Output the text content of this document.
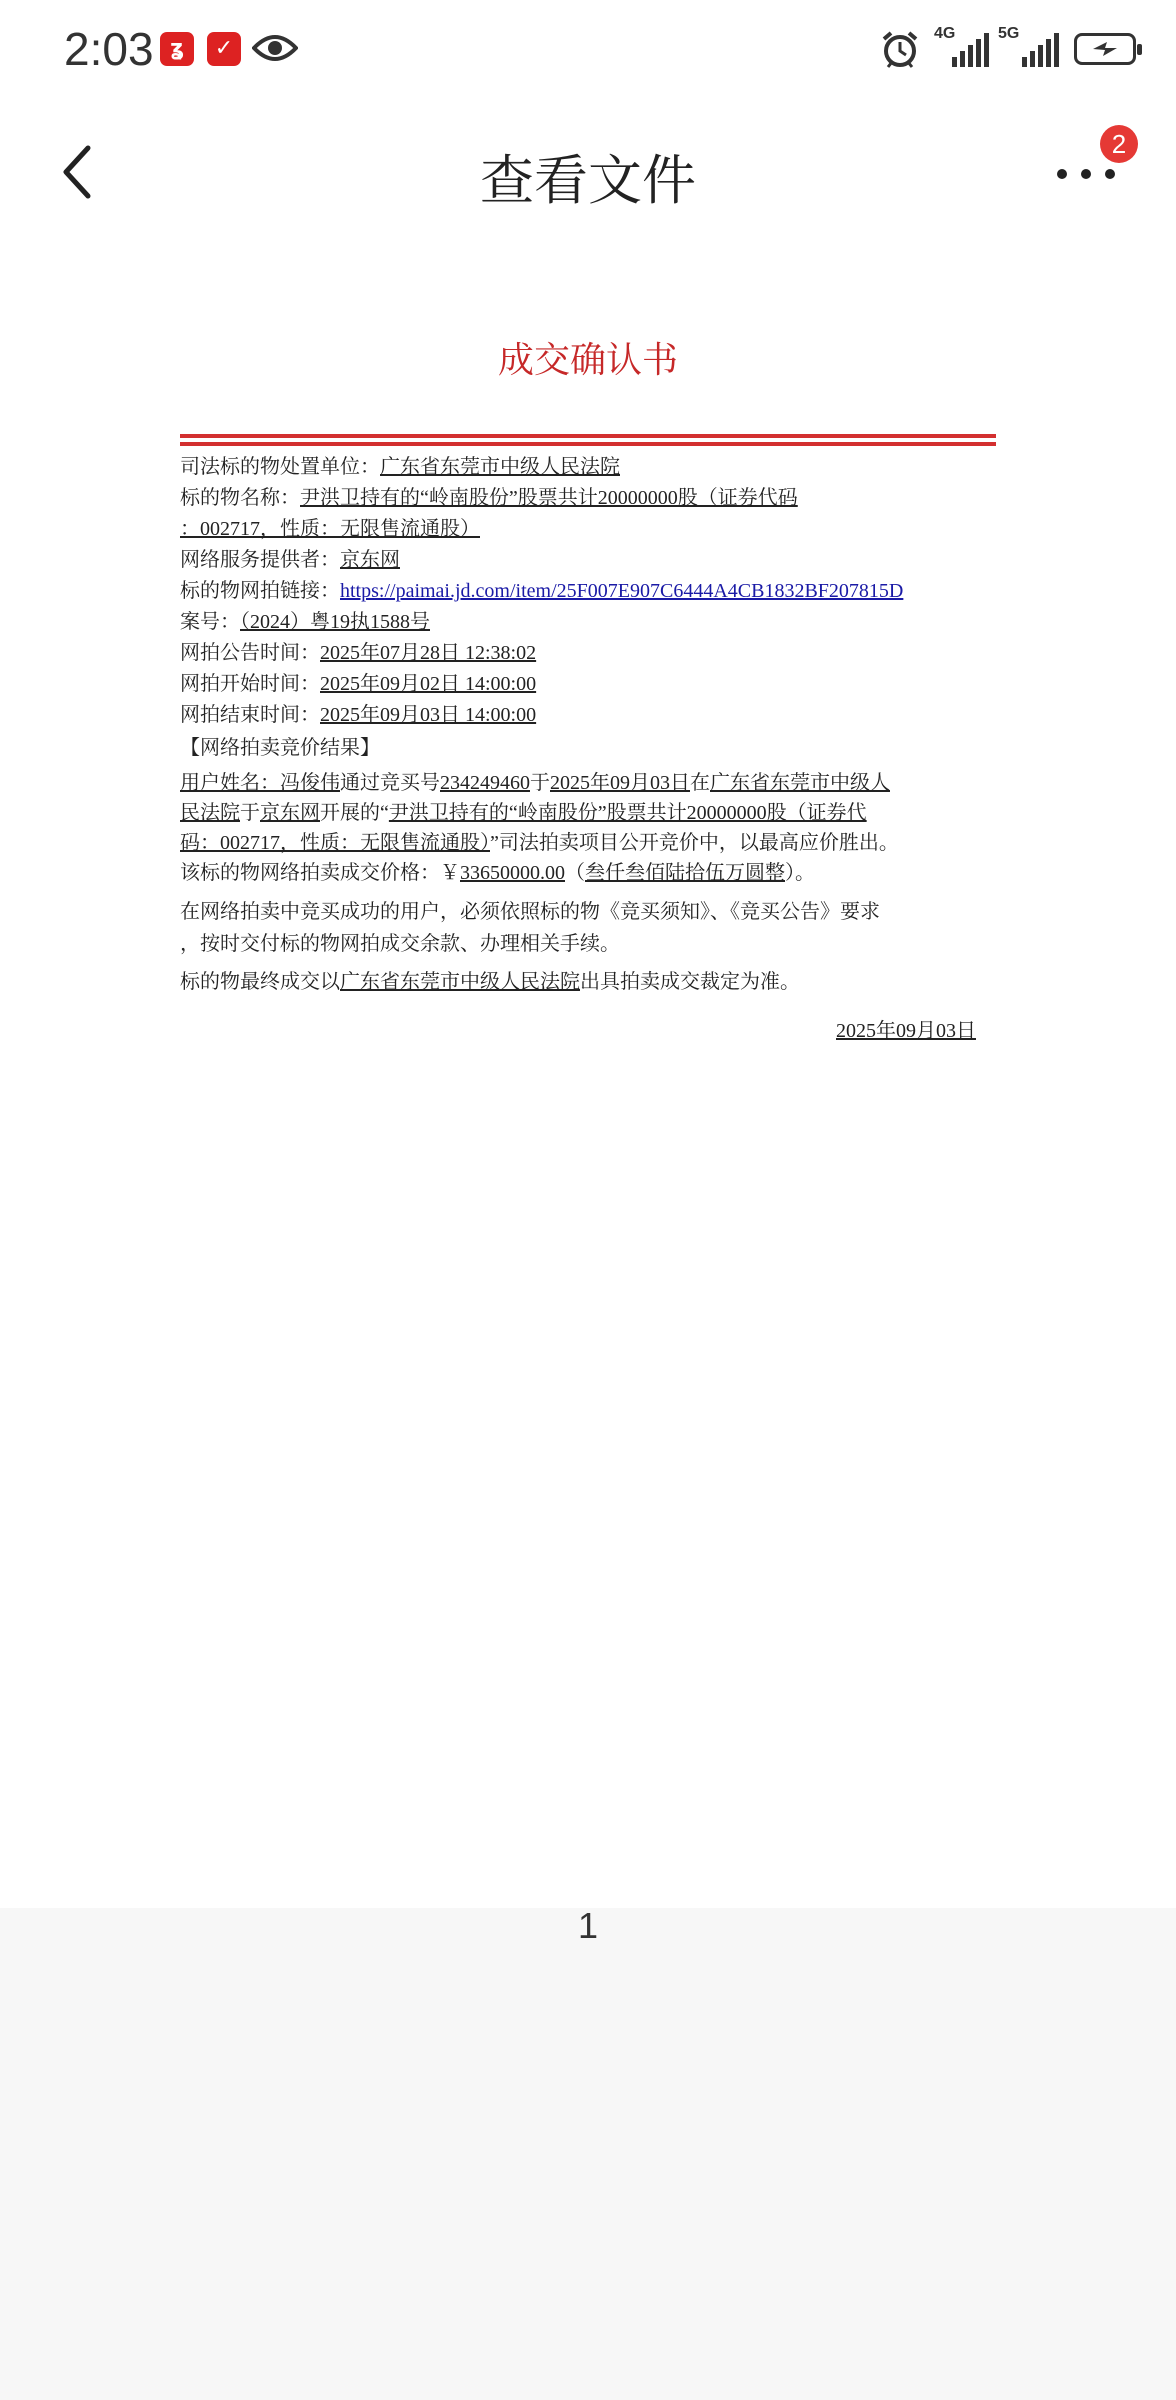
2:03 ʓ	✓
4G	5G
查看文件
2
成交确认书
司法标的物处置单位：广东省东莞市中级人民法院
标的物名称：尹洪卫持有的“岭南股份”股票共计20000000股（证券代码
：002717，性质：无限售流通股）
网络服务提供者：京东网
标的物网拍链接：https://paimai.jd.com/item/25F007E907C6444A4CB1832BF207815D
案号：（2024）粤19执1588号
网拍公告时间：2025年07月28日 12:38:02
网拍开始时间：2025年09月02日 14:00:00
网拍结束时间：2025年09月03日 14:00:00
【网络拍卖竞价结果】
用户姓名：冯俊伟通过竞买号234249460于2025年09月03日在广东省东莞市中级人
民法院于京东网开展的“尹洪卫持有的“岭南股份”股票共计20000000股（证券代
码：002717，性质：无限售流通股）”司法拍卖项目公开竞价中，以最高应价胜出。
该标的物网络拍卖成交价格：￥33650000.00（叁仟叁佰陆拾伍万圆整）。
在网络拍卖中竞买成功的用户，必须依照标的物《竞买须知》、《竞买公告》要求
，按时交付标的物网拍成交余款、办理相关手续。
标的物最终成交以广东省东莞市中级人民法院出具拍卖成交裁定为准。
2025年09月03日
1
